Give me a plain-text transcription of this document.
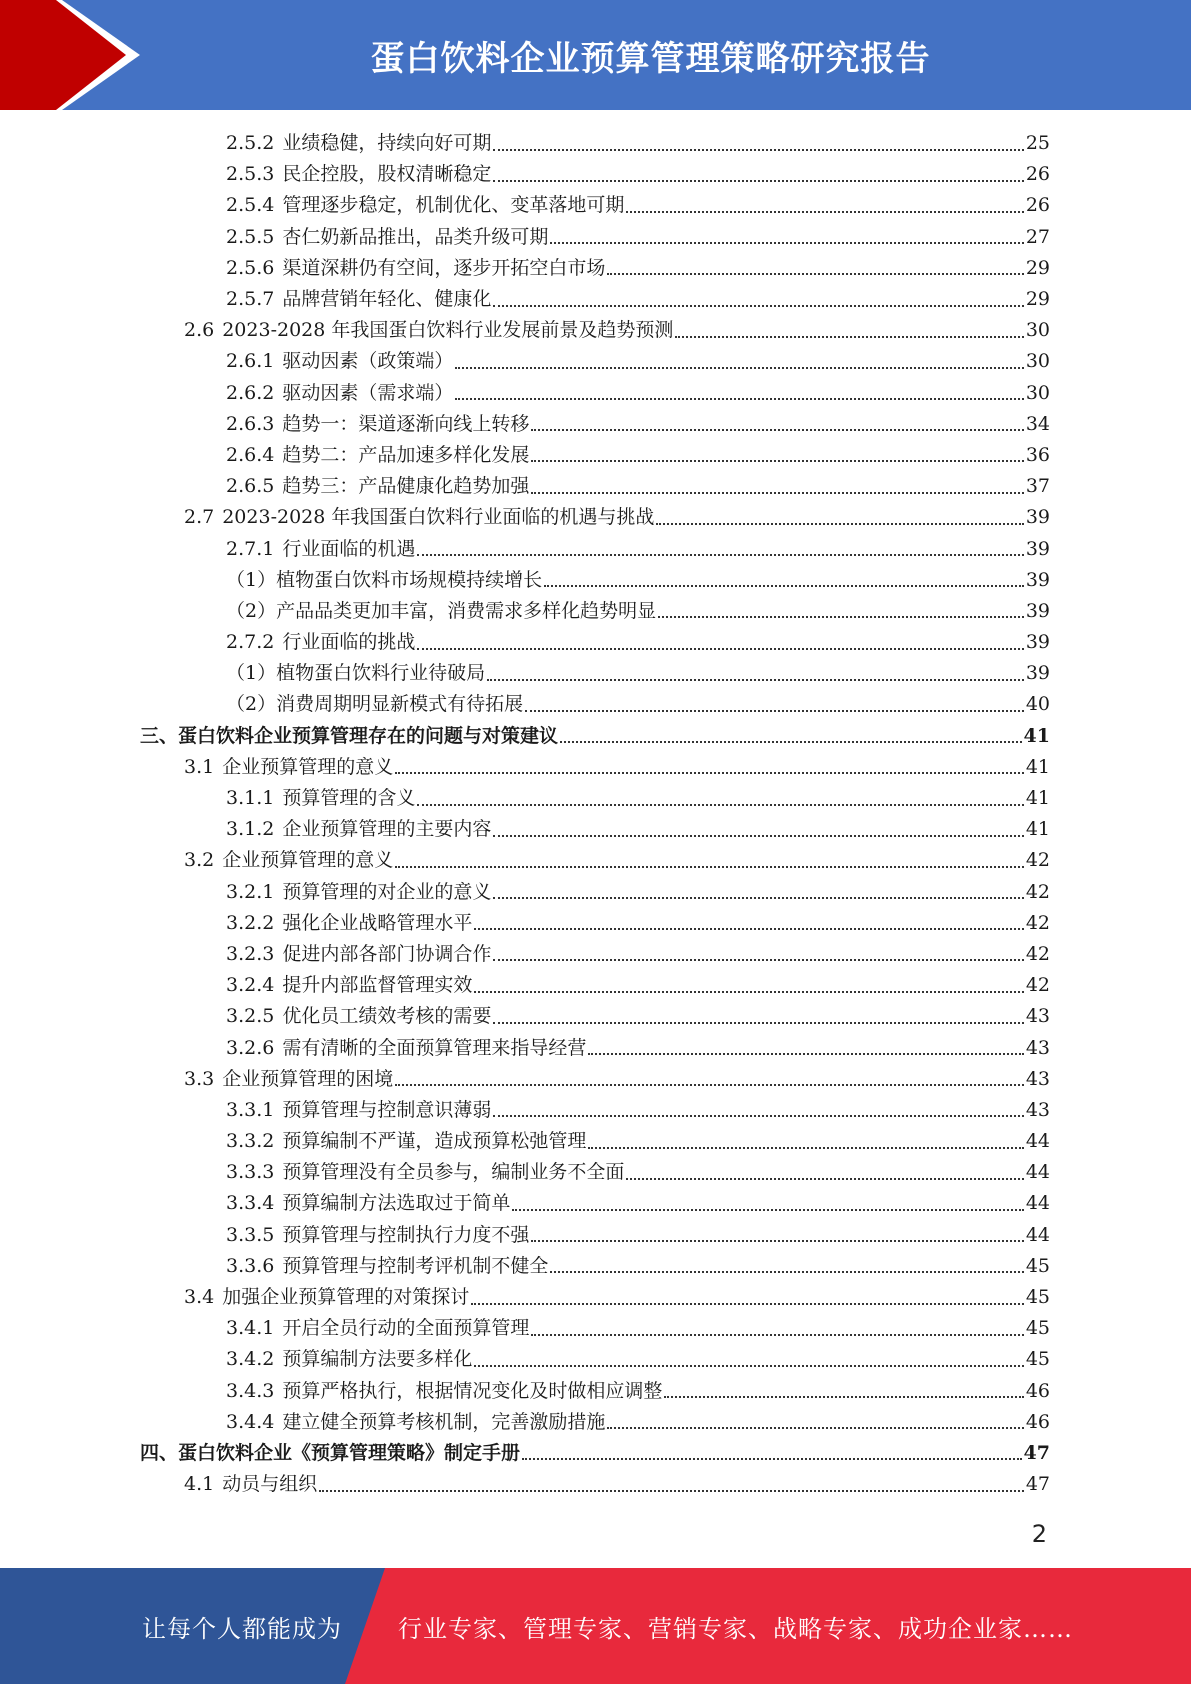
蛋白饮料企业预算管理策略研究报告
2.5.2 业绩稳健，持续向好可期	25
2.5.3 民企控股，股权清晰稳定	26
2.5.4 管理逐步稳定，机制优化、变革落地可期	26
2.5.5 杏仁奶新品推出，品类升级可期	27
2.5.6 渠道深耕仍有空间，逐步开拓空白市场	29
2.5.7 品牌营销年轻化、健康化	29
2.6 2023-2028 年我国蛋白饮料行业发展前景及趋势预测	30
2.6.1 驱动因素（政策端）	30
2.6.2 驱动因素（需求端）	30
2.6.3 趋势一：渠道逐渐向线上转移	34
2.6.4 趋势二：产品加速多样化发展	36
2.6.5 趋势三：产品健康化趋势加强	37
2.7 2023-2028 年我国蛋白饮料行业面临的机遇与挑战	39
2.7.1 行业面临的机遇	39
（1）植物蛋白饮料市场规模持续增长	39
（2）产品品类更加丰富，消费需求多样化趋势明显	39
2.7.2 行业面临的挑战	39
（1）植物蛋白饮料行业待破局	39
（2）消费周期明显新模式有待拓展	40
三、蛋白饮料企业预算管理存在的问题与对策建议	41
3.1 企业预算管理的意义	41
3.1.1 预算管理的含义	41
3.1.2 企业预算管理的主要内容	41
3.2 企业预算管理的意义	42
3.2.1 预算管理的对企业的意义	42
3.2.2 强化企业战略管理水平	42
3.2.3 促进内部各部门协调合作	42
3.2.4 提升内部监督管理实效	42
3.2.5 优化员工绩效考核的需要	43
3.2.6 需有清晰的全面预算管理来指导经营	43
3.3 企业预算管理的困境	43
3.3.1 预算管理与控制意识薄弱	43
3.3.2 预算编制不严谨，造成预算松弛管理	44
3.3.3 预算管理没有全员参与，编制业务不全面	44
3.3.4 预算编制方法选取过于简单	44
3.3.5 预算管理与控制执行力度不强	44
3.3.6 预算管理与控制考评机制不健全	45
3.4 加强企业预算管理的对策探讨	45
3.4.1 开启全员行动的全面预算管理	45
3.4.2 预算编制方法要多样化	45
3.4.3 预算严格执行，根据情况变化及时做相应调整	46
3.4.4 建立健全预算考核机制，完善激励措施	46
四、蛋白饮料企业《预算管理策略》制定手册	47
4.1 动员与组织	47
2
让每个人都能成为 行业专家、管理专家、营销专家、战略专家、成功企业家……
